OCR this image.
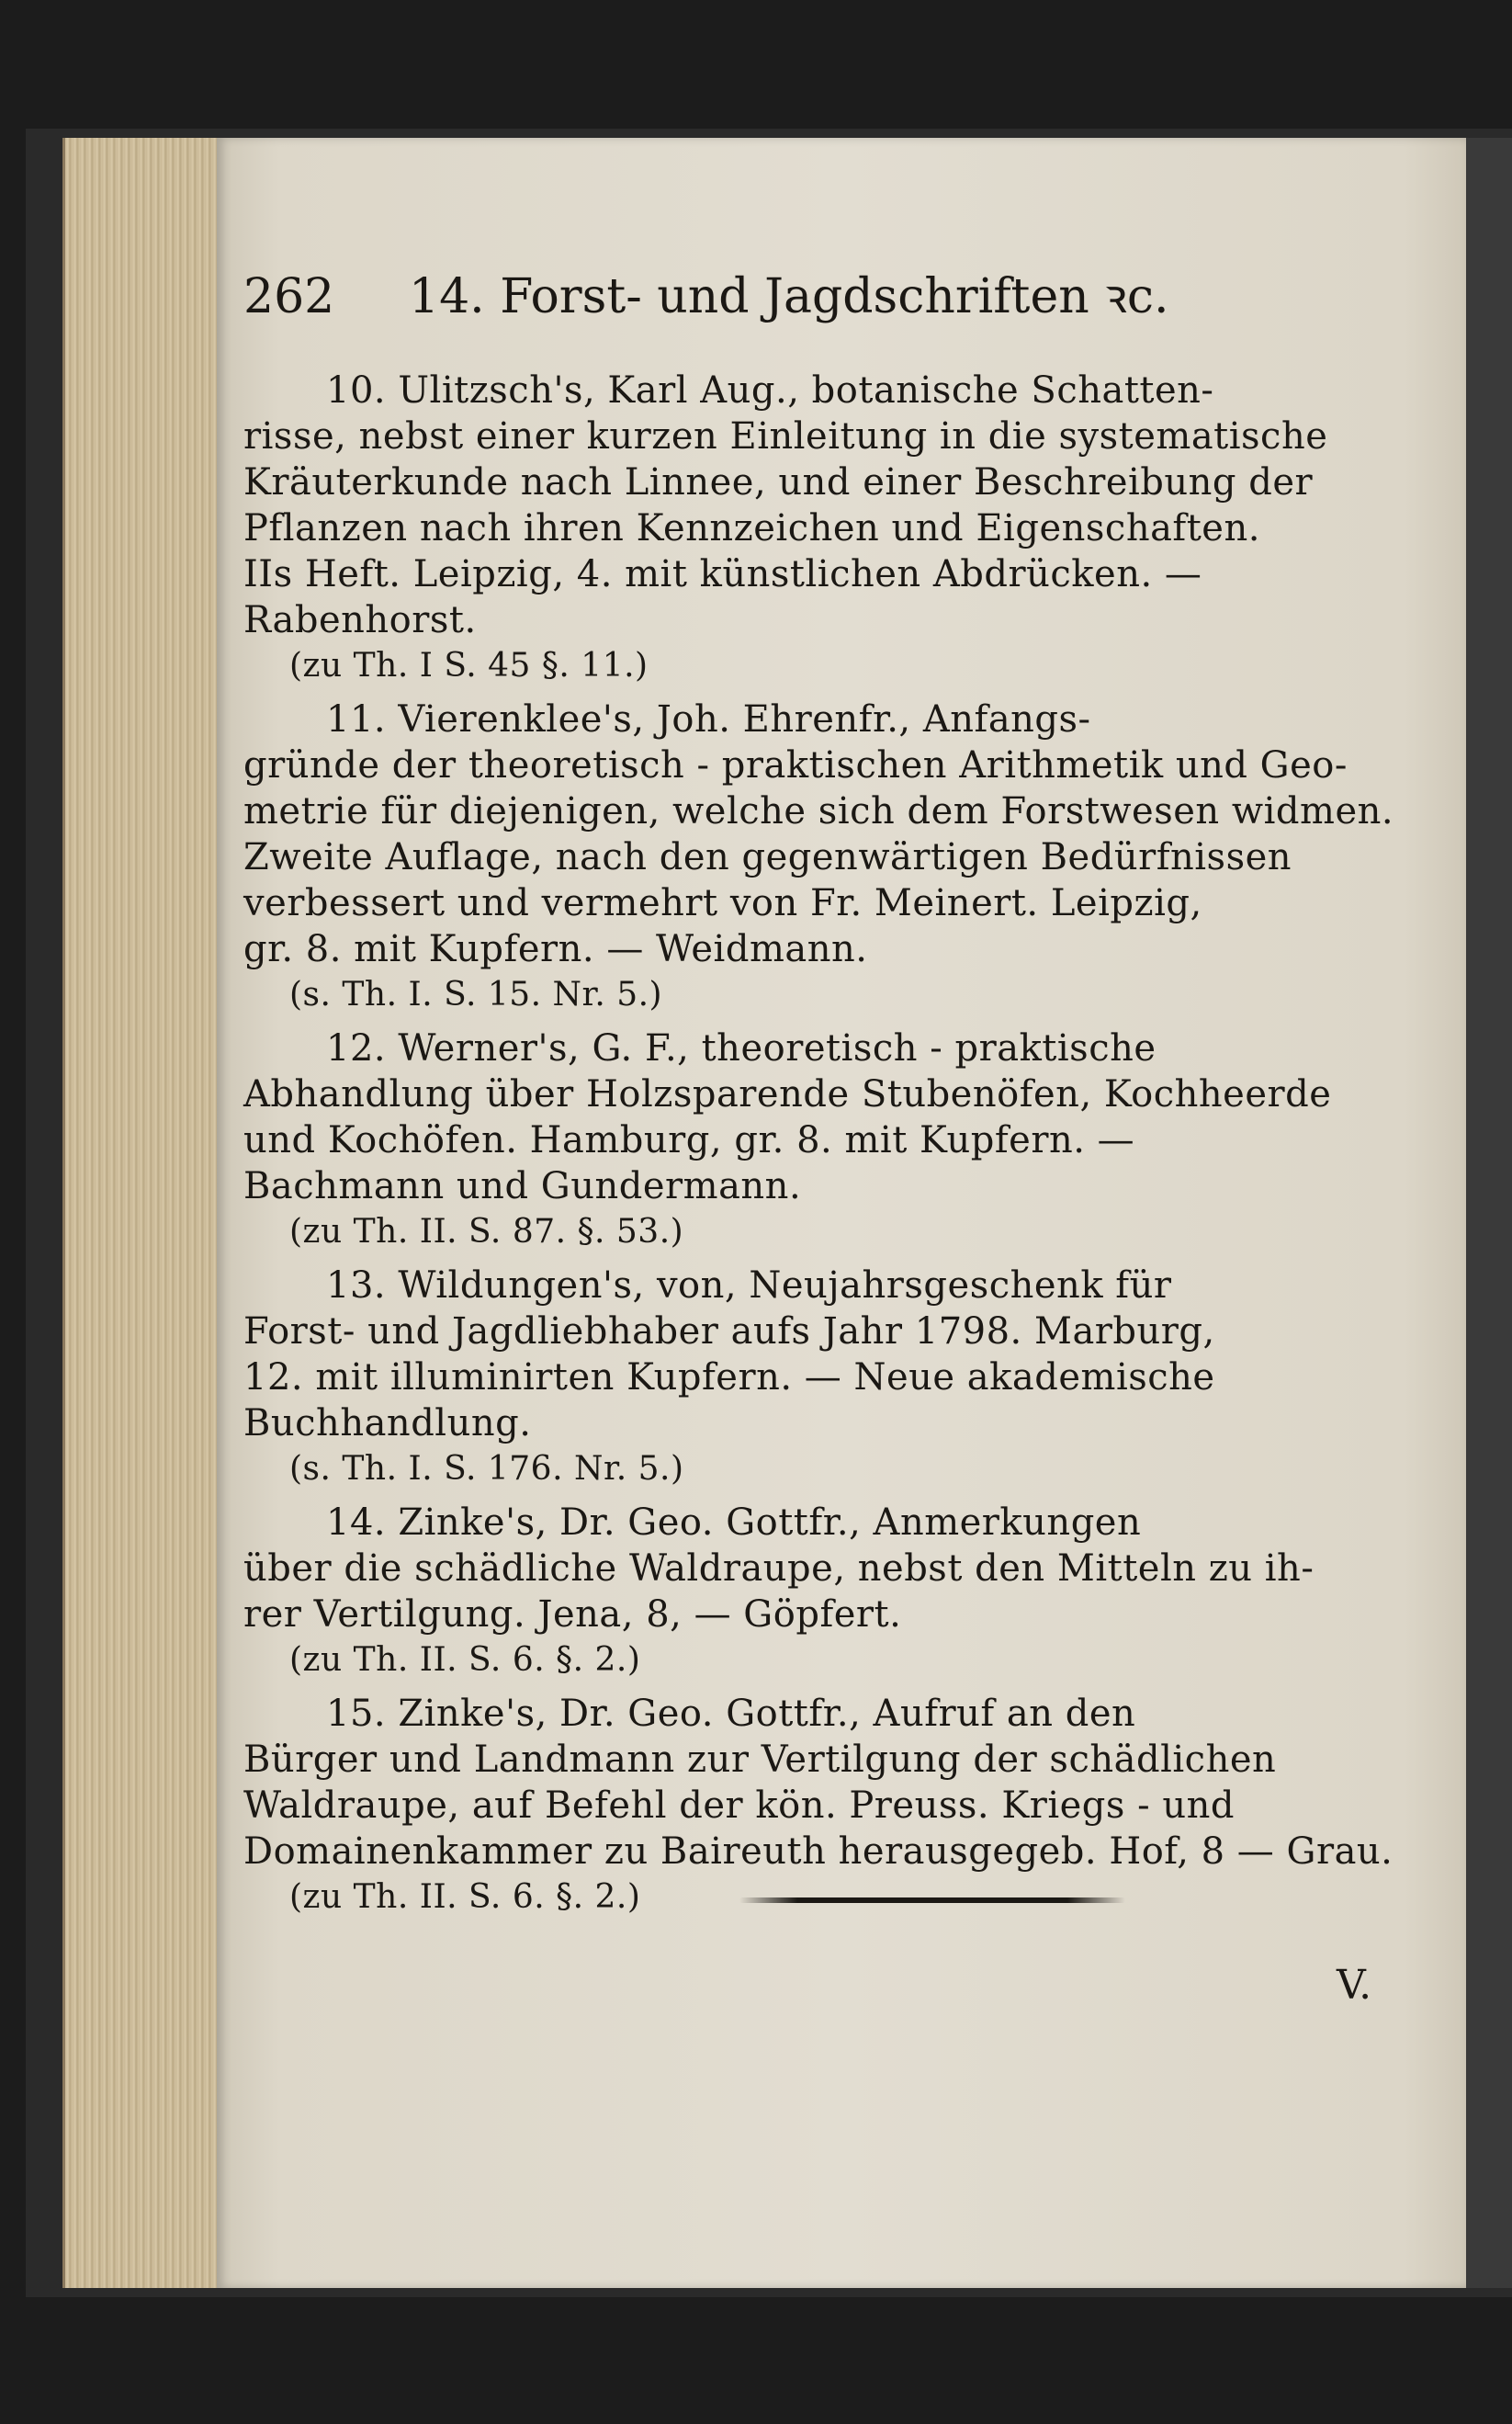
262	14. Forst- und Jagdschriften ꝛc.
10. Ulitzsch's, Karl Aug., botanische Schatten-
risse, nebst einer kurzen Einleitung in die systematische
Kräuterkunde nach Linnee, und einer Beschreibung der
Pflanzen nach ihren Kennzeichen und Eigenschaften.
IIs Heft. Leipzig, 4. mit künstlichen Abdrücken. —
Rabenhorst.
(zu Th. I S. 45 §. 11.)
11. Vierenklee's, Joh. Ehrenfr., Anfangs-
gründe der theoretisch - praktischen Arithmetik und Geo-
metrie für diejenigen, welche sich dem Forstwesen widmen.
Zweite Auflage, nach den gegenwärtigen Bedürfnissen
verbessert und vermehrt von Fr. Meinert. Leipzig,
gr. 8. mit Kupfern. — Weidmann.
(s. Th. I. S. 15. Nr. 5.)
12. Werner's, G. F., theoretisch - praktische
Abhandlung über Holzsparende Stubenöfen, Kochheerde
und Kochöfen. Hamburg, gr. 8. mit Kupfern. —
Bachmann und Gundermann.
(zu Th. II. S. 87. §. 53.)
13. Wildungen's, von, Neujahrsgeschenk für
Forst- und Jagdliebhaber aufs Jahr 1798. Marburg,
12. mit illuminirten Kupfern. — Neue akademische
Buchhandlung.
(s. Th. I. S. 176. Nr. 5.)
14. Zinke's, Dr. Geo. Gottfr., Anmerkungen
über die schädliche Waldraupe, nebst den Mitteln zu ih-
rer Vertilgung. Jena, 8, — Göpfert.
(zu Th. II. S. 6. §. 2.)
15. Zinke's, Dr. Geo. Gottfr., Aufruf an den
Bürger und Landmann zur Vertilgung der schädlichen
Waldraupe, auf Befehl der kön. Preuss. Kriegs - und
Domainenkammer zu Baireuth herausgegeb. Hof, 8 — Grau.
(zu Th. II. S. 6. §. 2.)
V.
